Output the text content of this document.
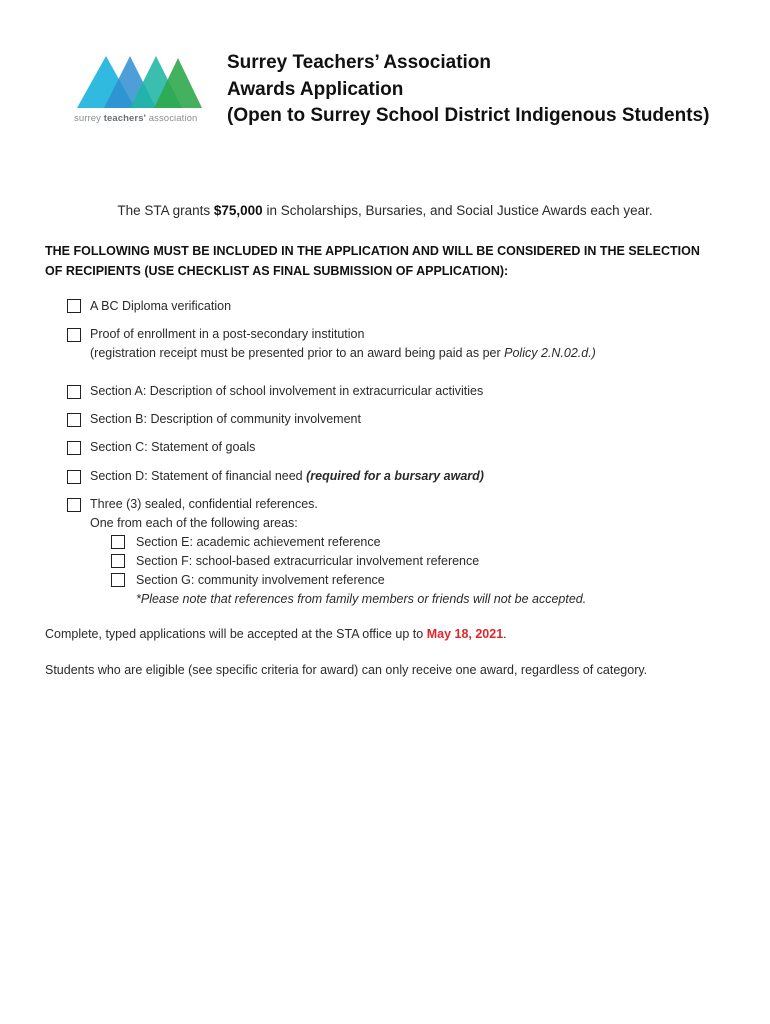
surrey teachers' association
Surrey Teachers’ Association
Awards Application
(Open to Surrey School District Indigenous Students)
The STA grants $75,000 in Scholarships, Bursaries, and Social Justice Awards each year.
THE FOLLOWING MUST BE INCLUDED IN THE APPLICATION AND WILL BE CONSIDERED IN THE SELECTION OF RECIPIENTS (USE CHECKLIST AS FINAL SUBMISSION OF APPLICATION):
A BC Diploma verification
Proof of enrollment in a post-secondary institution
(registration receipt must be presented prior to an award being paid as per Policy 2.N.02.d.)
Section A: Description of school involvement in extracurricular activities
Section B: Description of community involvement
Section C: Statement of goals
Section D: Statement of financial need (required for a bursary award)
Three (3) sealed, confidential references.
One from each of the following areas:
Section E: academic achievement reference
Section F: school-based extracurricular involvement reference
Section G: community involvement reference
*Please note that references from family members or friends will not be accepted.
Complete, typed applications will be accepted at the STA office up to May 18, 2021.
Students who are eligible (see specific criteria for award) can only receive one award, regardless of category.
